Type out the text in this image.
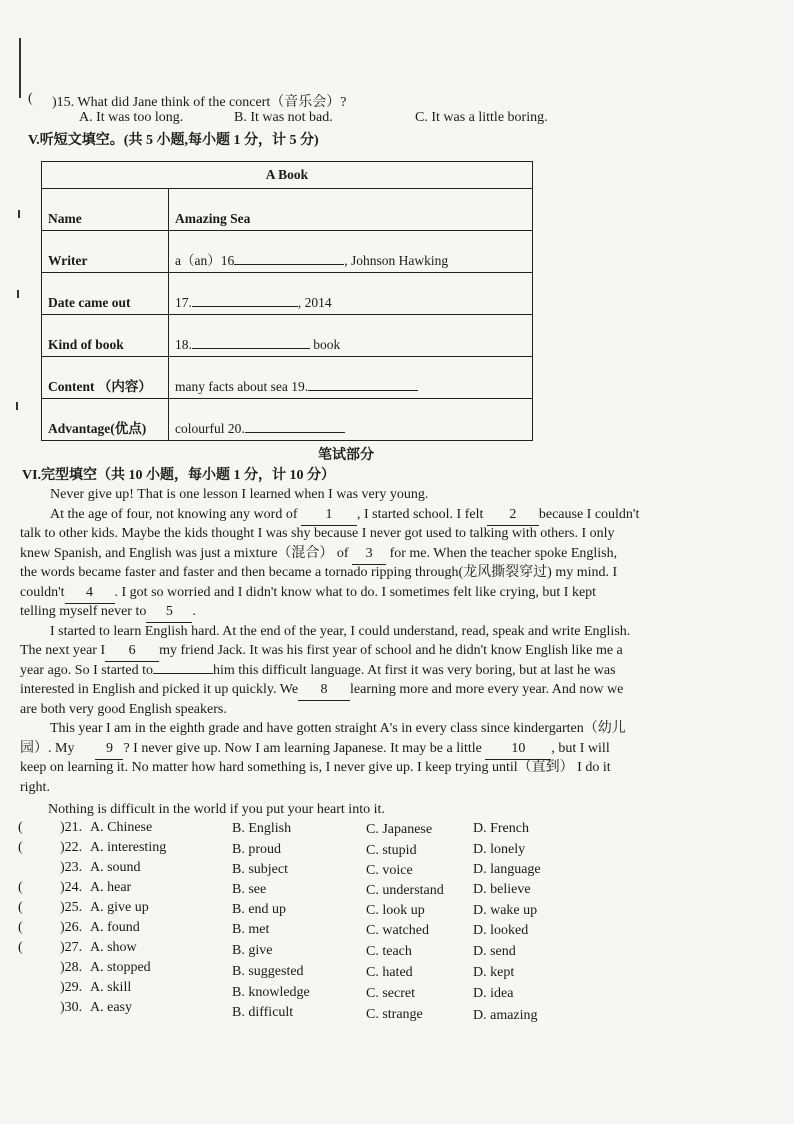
( )15. What did Jane think of the concert（音乐会）?
A. It was too long.	B. It was not bad.	C. It was a little boring.
V.听短文填空。(共 5 小题,每小题 1 分，计 5 分)
A Book	
Name	Amazing Sea
Writer	a（an）16 , Johnson Hawking
Date came out	17. , 2014
Kind of book	18. book
Content （内容）	many facts about sea 19.
Advantage(优点)	colourful 20.
笔试部分
VI.完型填空（共 10 小题，每小题 1 分，计 10 分）

Never give up! That is one lesson I learned when I was very young.

At the age of four, not knowing any word of 1 , I started school. I felt 2 because I couldn't

talk to other kids. Maybe the kids thought I was shy because I never got used to talking with others. I only

knew Spanish, and English was just a mixture（混合） of 3 for me. When the teacher spoke English,

the words became faster and faster and then became a tornado ripping through(龙风撕裂穿过) my mind. I

couldn't 4 . I got so worried and I didn't know what to do. I sometimes felt like crying, but I kept

telling myself never to 5 .

I started to learn English hard. At the end of the year, I could understand, read, speak and write English.

The next year I 6 my friend Jack. It was his first year of school and he didn't know English like me a

year ago. So I started to	him this difficult language. At first it was very boring, but at last he was

interested in English and picked it up quickly. We 8 learning more and more every year. And now we

are both very good English speakers.

This year I am in the eighth grade and have gotten straight A's in every class since kindergarten（幼儿

园）. My 9 ? I never give up. Now I am learning Japanese. It may be a little 10 , but I will

keep on learning it. No matter how hard something is, I never give up. I keep trying until（直到） I do it

right.

Nothing is difficult in the world if you put your heart into it.

(	)21. A. Chinese	B. English	C. Japanese	D. French
(	)22. A. interesting	B. proud	C. stupid	D. lonely
)23. A. sound	B. subject	C. voice	D. language
(	)24. A. hear	B. see	C. understand D. believe
(	)25. A. give up	B. end up	C. look up	D. wake up
(	)26. A. found	B. met	C. watched	D. looked
(	)27. A. show	B. give	C. teach	D. send
)28. A. stopped	B. suggested	C. hated	D. kept
)29. A. skill	B. knowledge	C. secret	D. idea
)30. A. easy	B. difficult	C. strange	D. amazing
